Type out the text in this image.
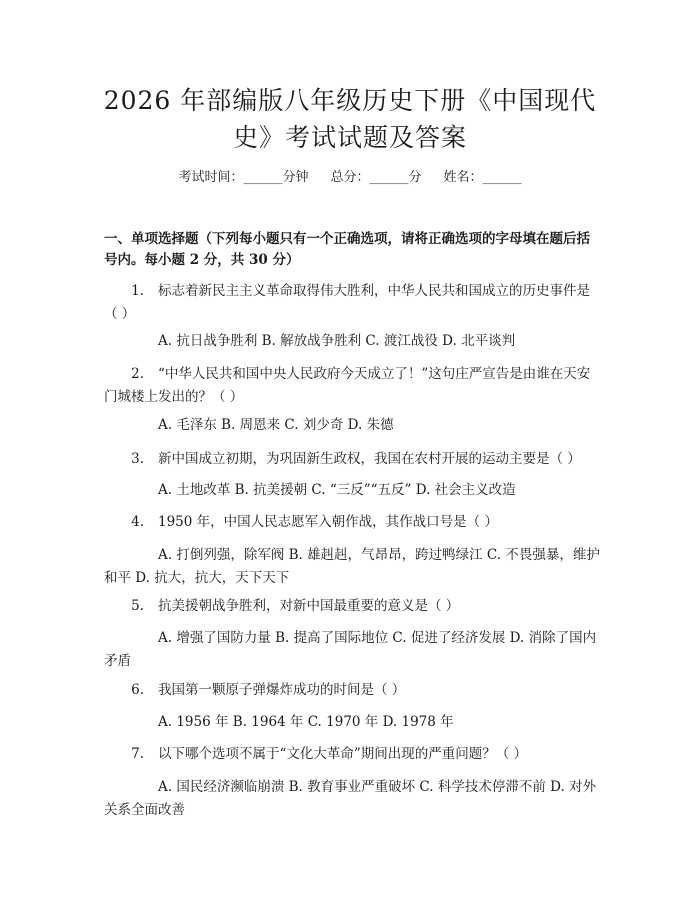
2026 年部编版八年级历史下册《中国现代史》考试试题及答案
考试时间：______分钟 总分：______分 姓名：______
一、单项选择题（下列每小题只有一个正确选项，请将正确选项的字母填在题后括号内。每小题 2 分，共 30 分）
1. 标志着新民主主义革命取得伟大胜利，中华人民共和国成立的历史事件是（ ）
A. 抗日战争胜利 B. 解放战争胜利 C. 渡江战役 D. 北平谈判
2. “中华人民共和国中央人民政府今天成立了！”这句庄严宣告是由谁在天安门城楼上发出的？（ ）
A. 毛泽东 B. 周恩来 C. 刘少奇 D. 朱德
3. 新中国成立初期，为巩固新生政权，我国在农村开展的运动主要是（ ）
A. 土地改革 B. 抗美援朝 C. “三反”“五反” D. 社会主义改造
4. 1950 年，中国人民志愿军入朝作战，其作战口号是（ ）
A. 打倒列强，除军阀 B. 雄赳赳，气昂昂，跨过鸭绿江 C. 不畏强暴，维护和平 D. 抗大，抗大，天下天下
5. 抗美援朝战争胜利，对新中国最重要的意义是（ ）
A. 增强了国防力量 B. 提高了国际地位 C. 促进了经济发展 D. 消除了国内矛盾
6. 我国第一颗原子弹爆炸成功的时间是（ ）
A. 1956 年 B. 1964 年 C. 1970 年 D. 1978 年
7. 以下哪个选项不属于“文化大革命”期间出现的严重问题？（ ）
A. 国民经济濒临崩溃 B. 教育事业严重破坏 C. 科学技术停滞不前 D. 对外关系全面改善
